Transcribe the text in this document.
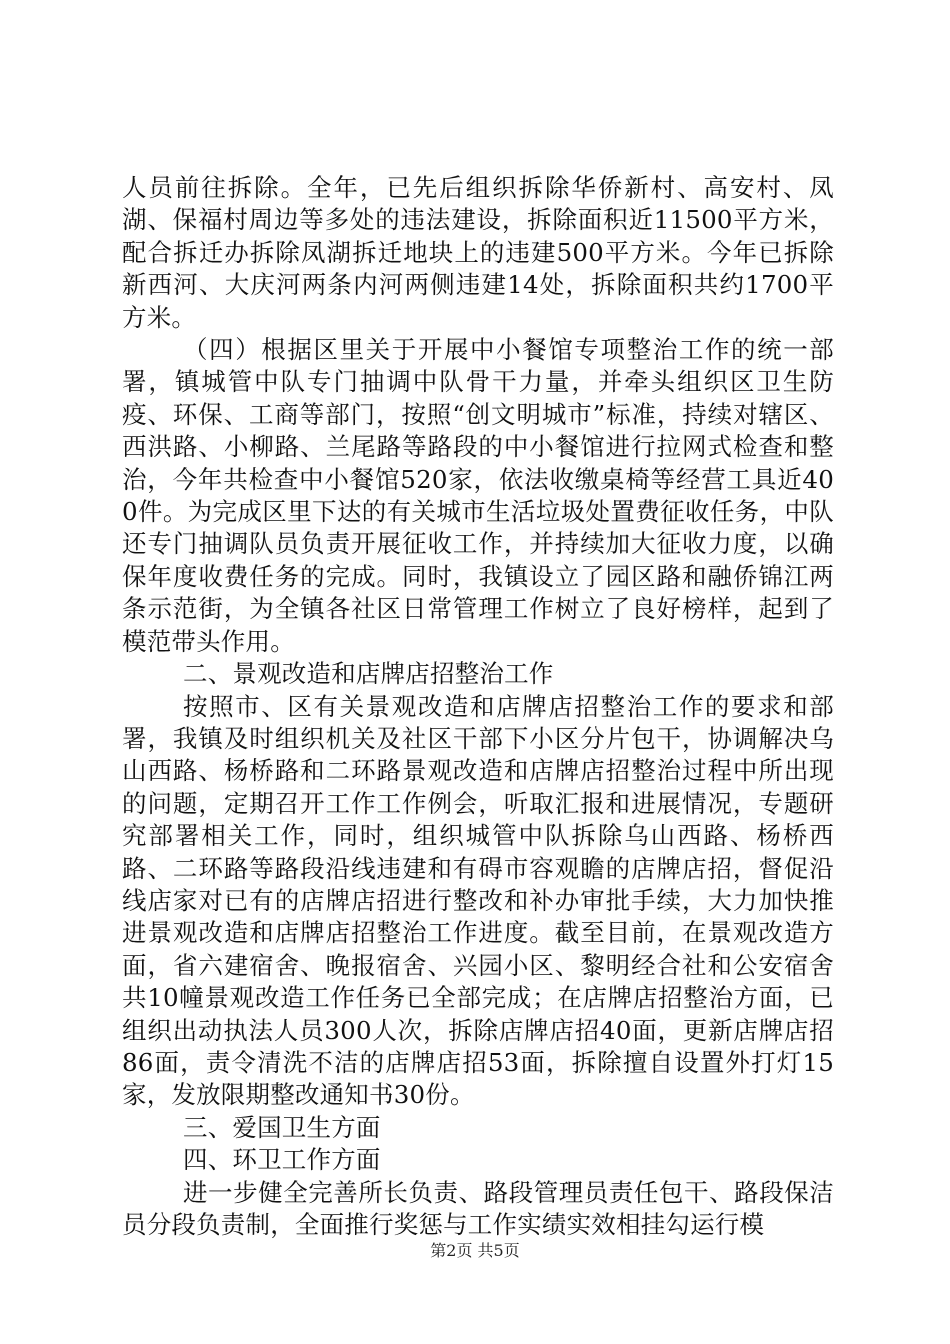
人员前往拆除。全年，已先后组织拆除华侨新村、高安村、凤湖、保福村周边等多处的违法建设，拆除面积近11500平方米，配合拆迁办拆除凤湖拆迁地块上的违建500平方米。今年已拆除新西河、大庆河两条内河两侧违建14处，拆除面积共约1700平方米。

（四）根据区里关于开展中小餐馆专项整治工作的统一部署，镇城管中队专门抽调中队骨干力量，并牵头组织区卫生防疫、环保、工商等部门，按照“创文明城市”标准，持续对辖区、西洪路、小柳路、兰尾路等路段的中小餐馆进行拉网式检查和整治，今年共检查中小餐馆520家，依法收缴桌椅等经营工具近400件。为完成区里下达的有关城市生活垃圾处置费征收任务，中队还专门抽调队员负责开展征收工作，并持续加大征收力度，以确保年度收费任务的完成。同时，我镇设立了园区路和融侨锦江两条示范街，为全镇各社区日常管理工作树立了良好榜样，起到了模范带头作用。

二、景观改造和店牌店招整治工作

按照市、区有关景观改造和店牌店招整治工作的要求和部署，我镇及时组织机关及社区干部下小区分片包干，协调解决乌山西路、杨桥路和二环路景观改造和店牌店招整治过程中所出现的问题，定期召开工作工作例会，听取汇报和进展情况，专题研究部署相关工作，同时，组织城管中队拆除乌山西路、杨桥西路、二环路等路段沿线违建和有碍市容观瞻的店牌店招，督促沿线店家对已有的店牌店招进行整改和补办审批手续，大力加快推进景观改造和店牌店招整治工作进度。截至目前，在景观改造方面，省六建宿舍、晚报宿舍、兴园小区、黎明经合社和公安宿舍共10幢景观改造工作任务已全部完成；在店牌店招整治方面，已组织出动执法人员300人次，拆除店牌店招40面，更新店牌店招86面，责令清洗不洁的店牌店招53面，拆除擅自设置外打灯15家，发放限期整改通知书30份。

三、爱国卫生方面

四、环卫工作方面

进一步健全完善所长负责、路段管理员责任包干、路段保洁员分段负责制，全面推行奖惩与工作实绩实效相挂勾运行模

第2页 共5页
